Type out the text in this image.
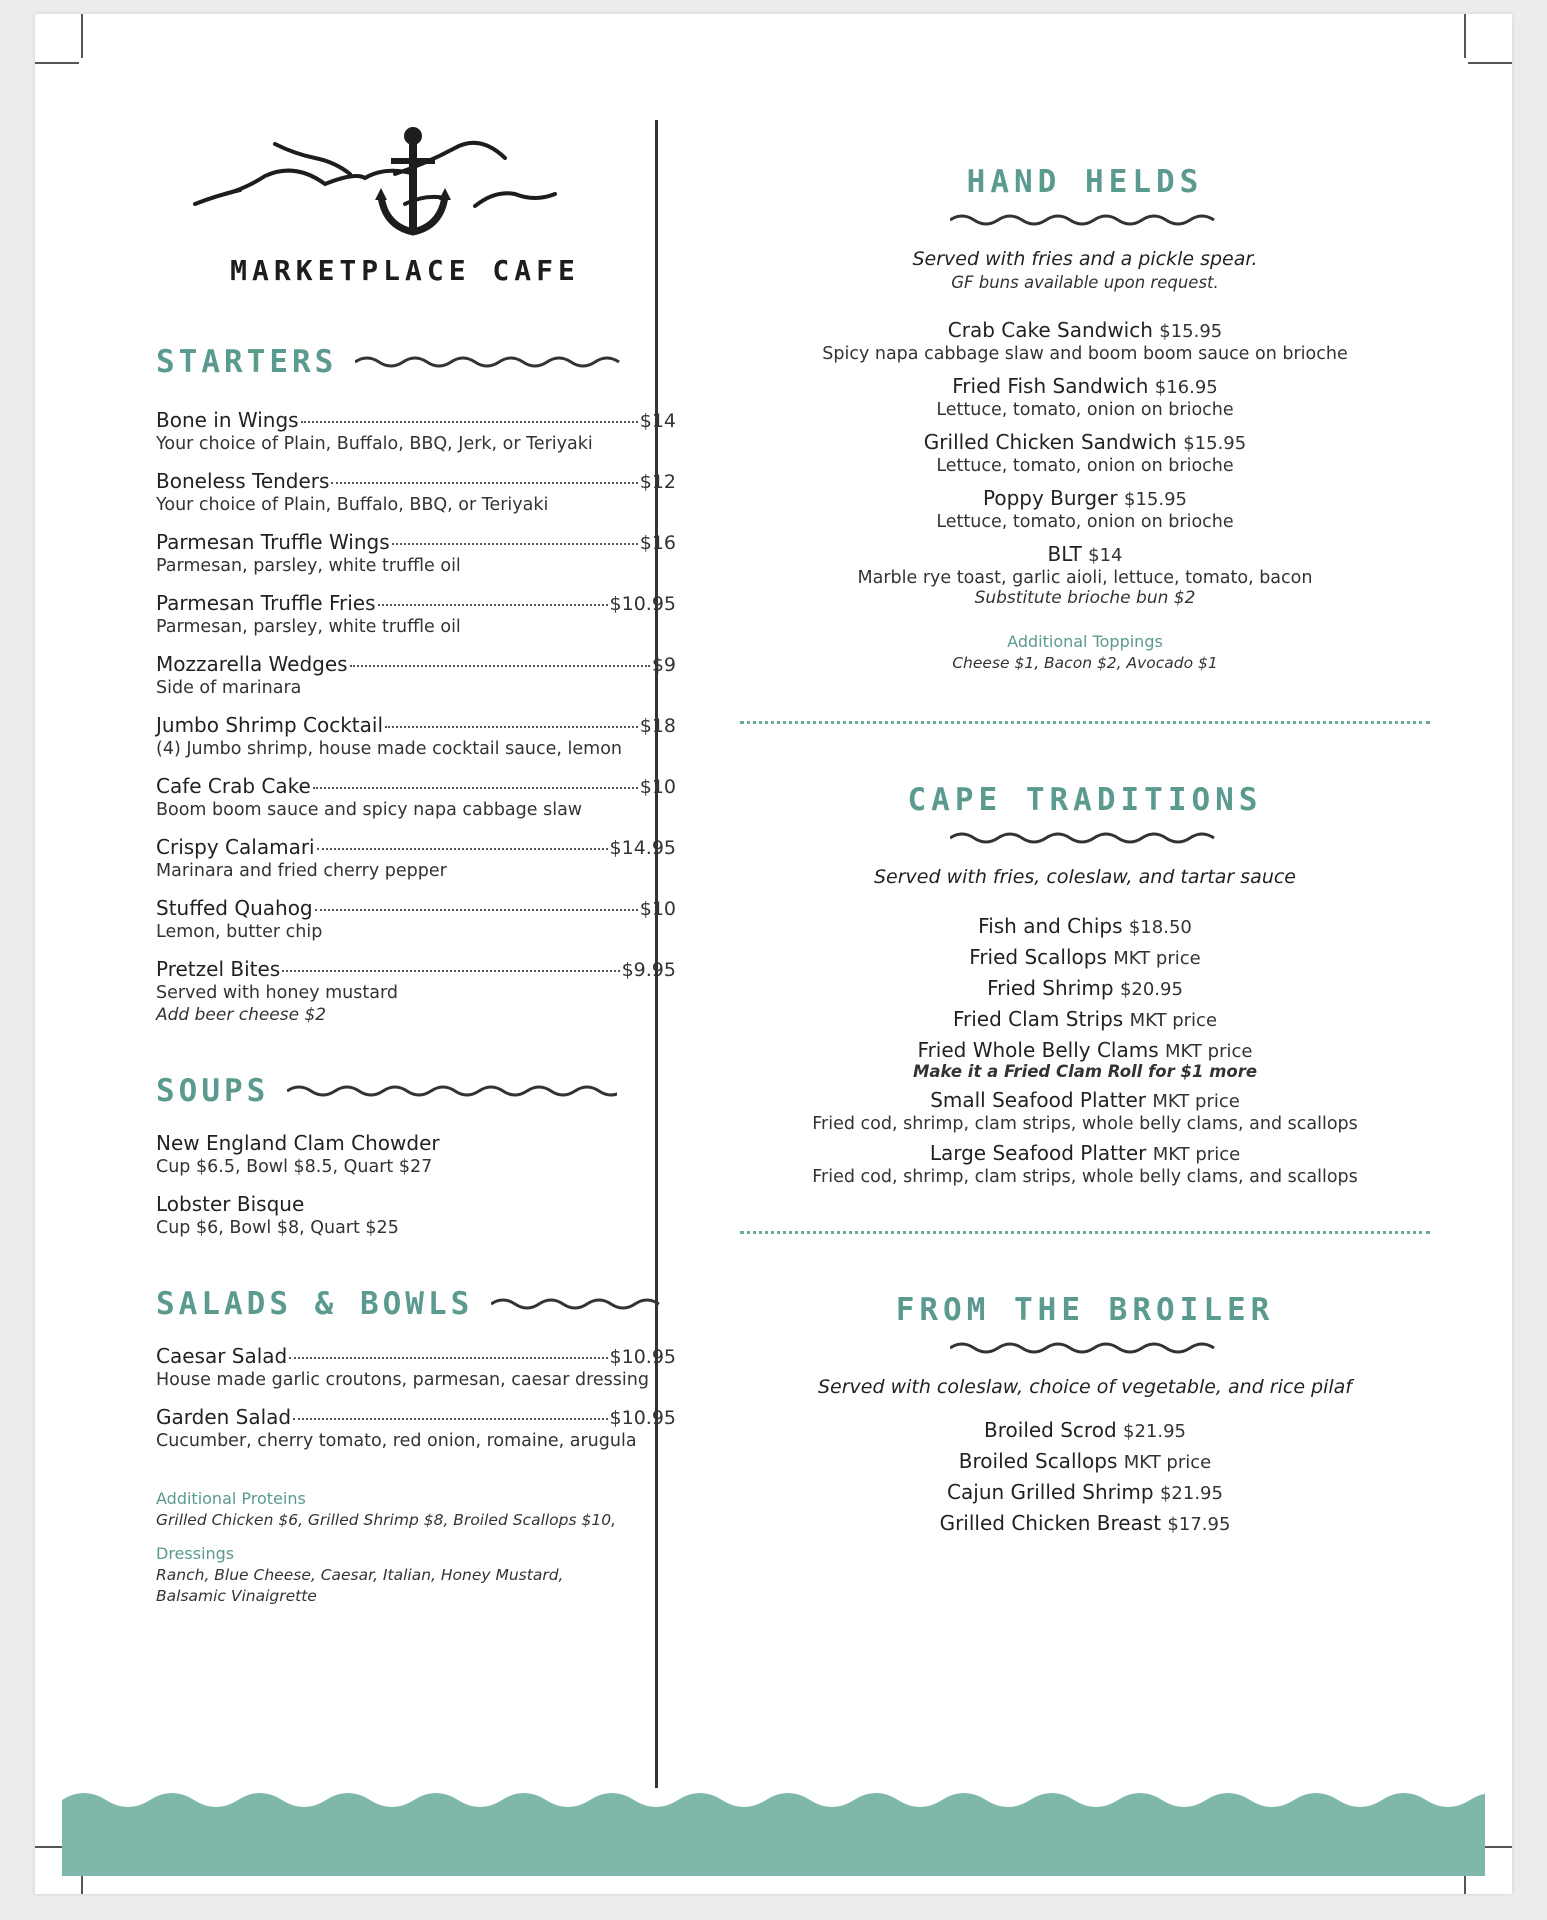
MARKETPLACE CAFE
STARTERS
Bone in Wings	$14
Your choice of Plain, Buffalo, BBQ, Jerk, or Teriyaki
Boneless Tenders	$12
Your choice of Plain, Buffalo, BBQ, or Teriyaki
Parmesan Truffle Wings	$16
Parmesan, parsley, white truffle oil
Parmesan Truffle Fries	$10.95
Parmesan, parsley, white truffle oil
Mozzarella Wedges	$9
Side of marinara
Jumbo Shrimp Cocktail	$18
(4) Jumbo shrimp, house made cocktail sauce, lemon
Cafe Crab Cake	$10
Boom boom sauce and spicy napa cabbage slaw
Crispy Calamari	$14.95
Marinara and fried cherry pepper
Stuffed Quahog	$10
Lemon, butter chip
Pretzel Bites	$9.95
Served with honey mustard
Add beer cheese $2
SOUPS
New England Clam Chowder
Cup $6.5, Bowl $8.5, Quart $27
Lobster Bisque
Cup $6, Bowl $8, Quart $25
SALADS & BOWLS
Caesar Salad	$10.95
House made garlic croutons, parmesan, caesar dressing
Garden Salad	$10.95
Cucumber, cherry tomato, red onion, romaine, arugula
Additional Proteins
Grilled Chicken $6, Grilled Shrimp $8, Broiled Scallops $10,
Dressings
Ranch, Blue Cheese, Caesar, Italian, Honey Mustard, Balsamic Vinaigrette
HAND HELDS
Served with fries and a pickle spear.
GF buns available upon request.
Crab Cake Sandwich $15.95
Spicy napa cabbage slaw and boom boom sauce on brioche
Fried Fish Sandwich $16.95
Lettuce, tomato, onion on brioche
Grilled Chicken Sandwich $15.95
Lettuce, tomato, onion on brioche
Poppy Burger $15.95
Lettuce, tomato, onion on brioche
BLT $14
Marble rye toast, garlic aioli, lettuce, tomato, bacon
Substitute brioche bun $2
Additional Toppings
Cheese $1, Bacon $2, Avocado $1
CAPE TRADITIONS
Served with fries, coleslaw, and tartar sauce
Fish and Chips $18.50
Fried Scallops MKT price
Fried Shrimp $20.95
Fried Clam Strips MKT price
Fried Whole Belly Clams MKT price
Make it a Fried Clam Roll for $1 more
Small Seafood Platter MKT price
Fried cod, shrimp, clam strips, whole belly clams, and scallops
Large Seafood Platter MKT price
Fried cod, shrimp, clam strips, whole belly clams, and scallops
FROM THE BROILER
Served with coleslaw, choice of vegetable, and rice pilaf
Broiled Scrod $21.95
Broiled Scallops MKT price
Cajun Grilled Shrimp $21.95
Grilled Chicken Breast $17.95
